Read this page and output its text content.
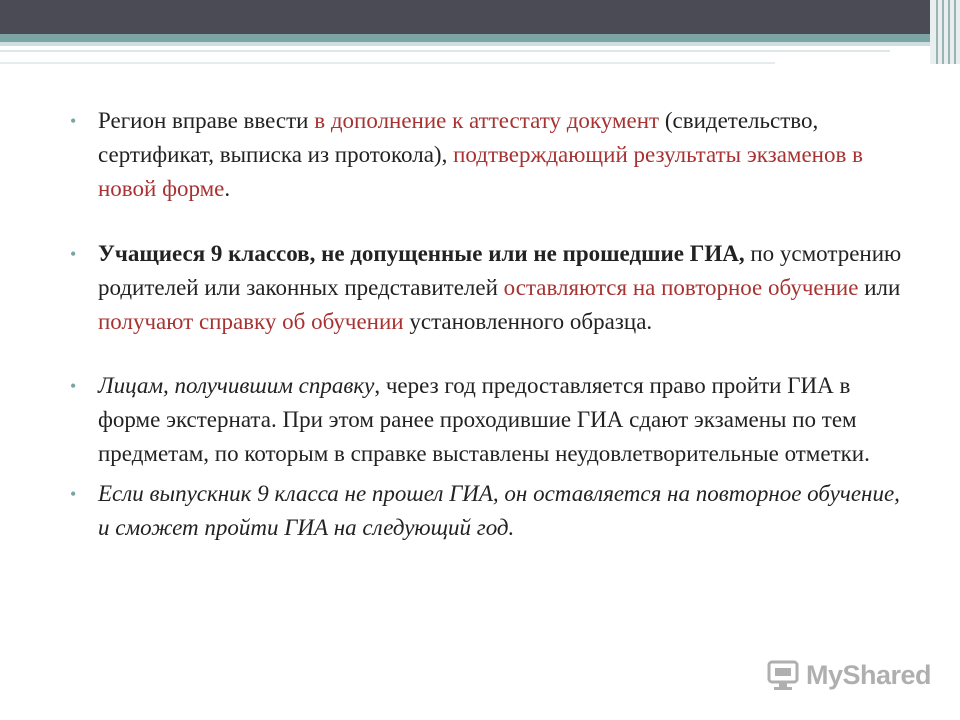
• Регион вправе ввести в дополнение к аттестату документ (свидетельство, сертификат, выписка из протокола), подтверждающий результаты экзаменов в новой форме.
• Учащиеся 9 классов, не допущенные или не прошедшие ГИА, по усмотрению родителей или законных представителей оставляются на повторное обучение или получают справку об обучении установленного образца.
• Лицам, получившим справку, через год предоставляется право пройти ГИА в форме экстерната. При этом ранее проходившие ГИА сдают экзамены по тем предметам, по которым в справке выставлены неудовлетворительные отметки.
• Если выпускник 9 класса не прошел ГИА, он оставляется на повторное обучение, и сможет пройти ГИА на следующий год.
MyShared
